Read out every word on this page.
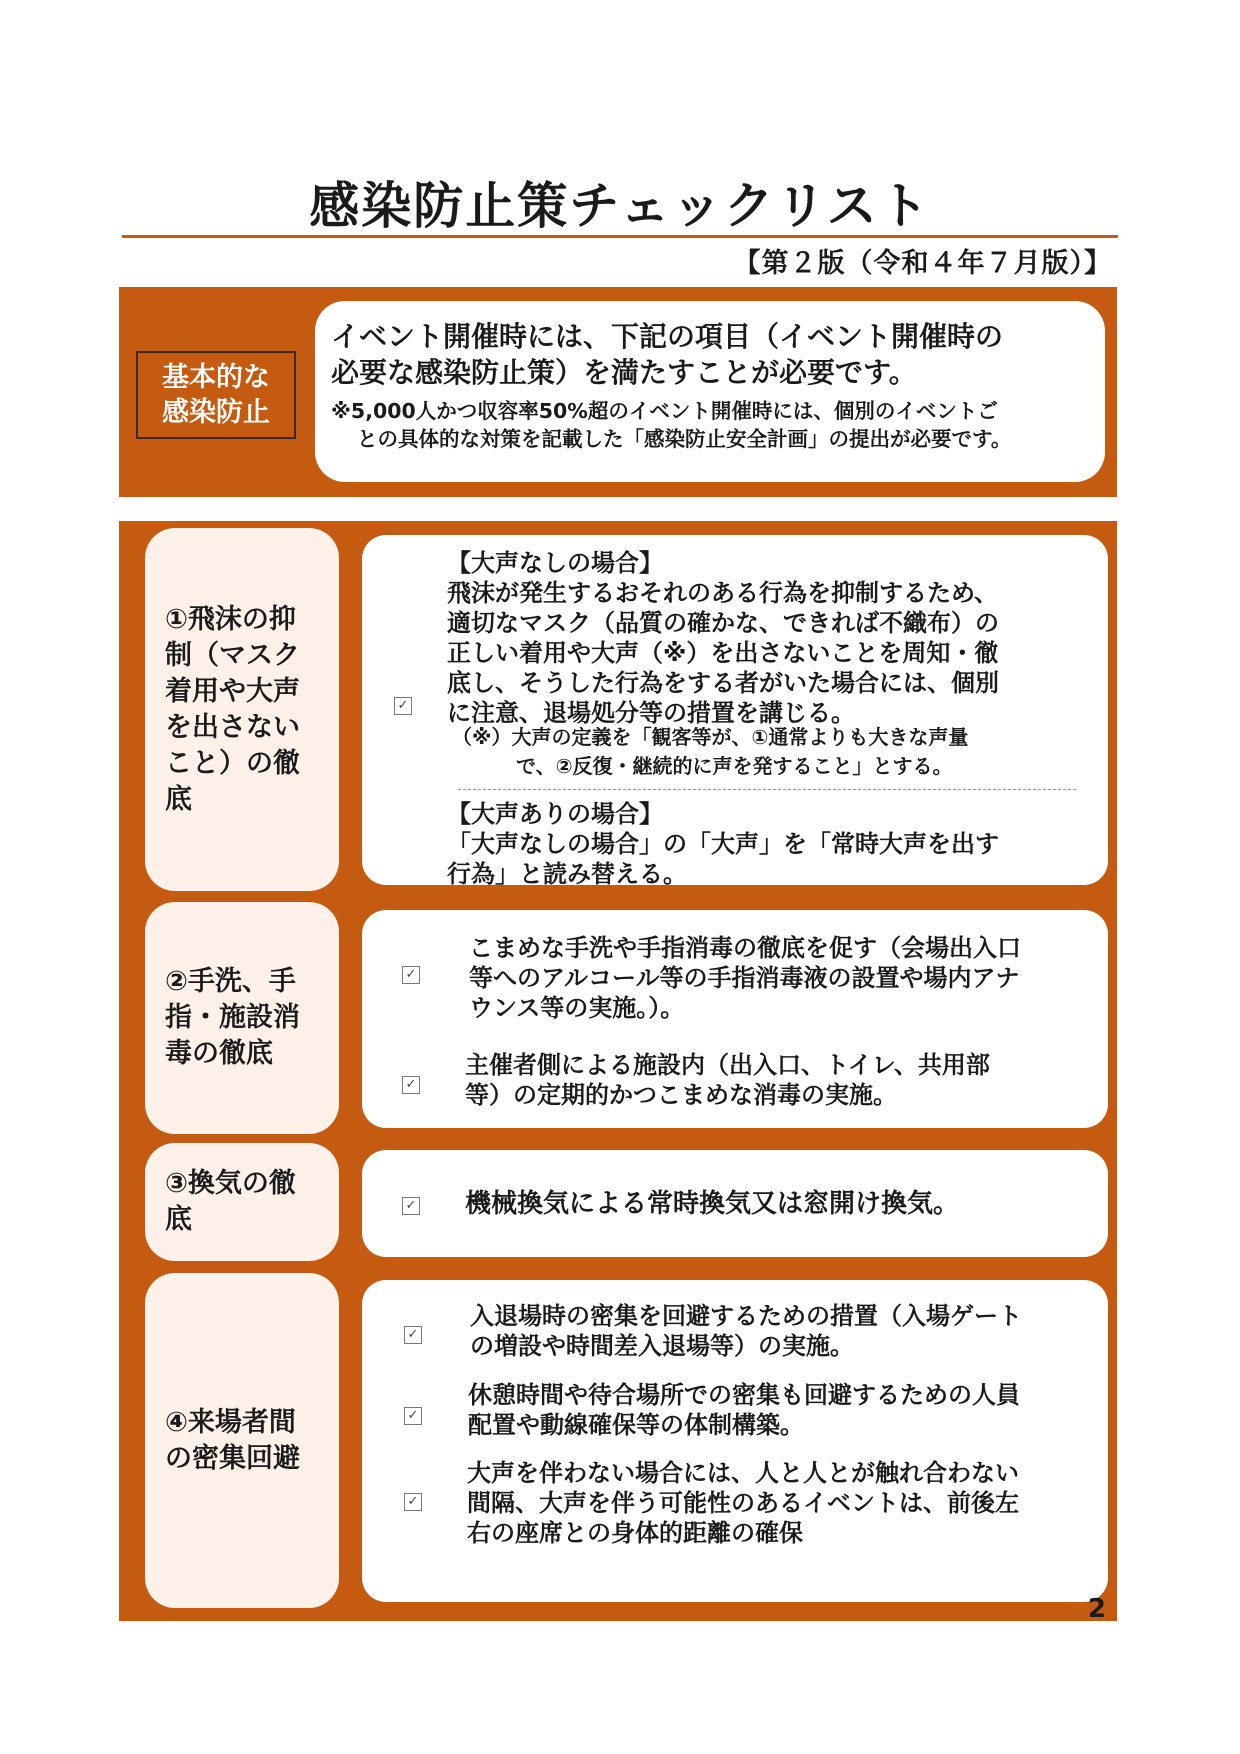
感染防止策チェックリスト
【第２版（令和４年７月版）】
基本的な
感染防止
イベント開催時には、下記の項目（イベント開催時の
必要な感染防止策）を満たすことが必要です。
※5,000人かつ収容率50%超のイベント開催時には、個別のイベントご
との具体的な対策を記載した「感染防止安全計画」の提出が必要です。
①飛沫の抑
制（マスク
着用や大声
を出さない
こと）の徹
底
✓
【大声なしの場合】
飛沫が発生するおそれのある行為を抑制するため、
適切なマスク（品質の確かな、できれば不織布）の
正しい着用や大声（※）を出さないことを周知・徹
底し、そうした行為をする者がいた場合には、個別
に注意、退場処分等の措置を講じる。
（※）大声の定義を「観客等が、①通常よりも大きな声量
で、②反復・継続的に声を発すること」とする。
【大声ありの場合】
「大声なしの場合」の「大声」を「常時大声を出す
行為」と読み替える。
②手洗、手
指・施設消
毒の徹底
✓
こまめな手洗や手指消毒の徹底を促す（会場出入口
等へのアルコール等の手指消毒液の設置や場内アナ
ウンス等の実施。）。
✓
主催者側による施設内（出入口、トイレ、共用部
等）の定期的かつこまめな消毒の実施。
③換気の徹
底	✓ 機械換気による常時換気又は窓開け換気。
④来場者間
の密集回避
✓
入退場時の密集を回避するための措置（入場ゲート
の増設や時間差入退場等）の実施。
✓
休憩時間や待合場所での密集も回避するための人員
配置や動線確保等の体制構築。
✓
大声を伴わない場合には、人と人とが触れ合わない
間隔、大声を伴う可能性のあるイベントは、前後左
右の座席との身体的距離の確保
2
